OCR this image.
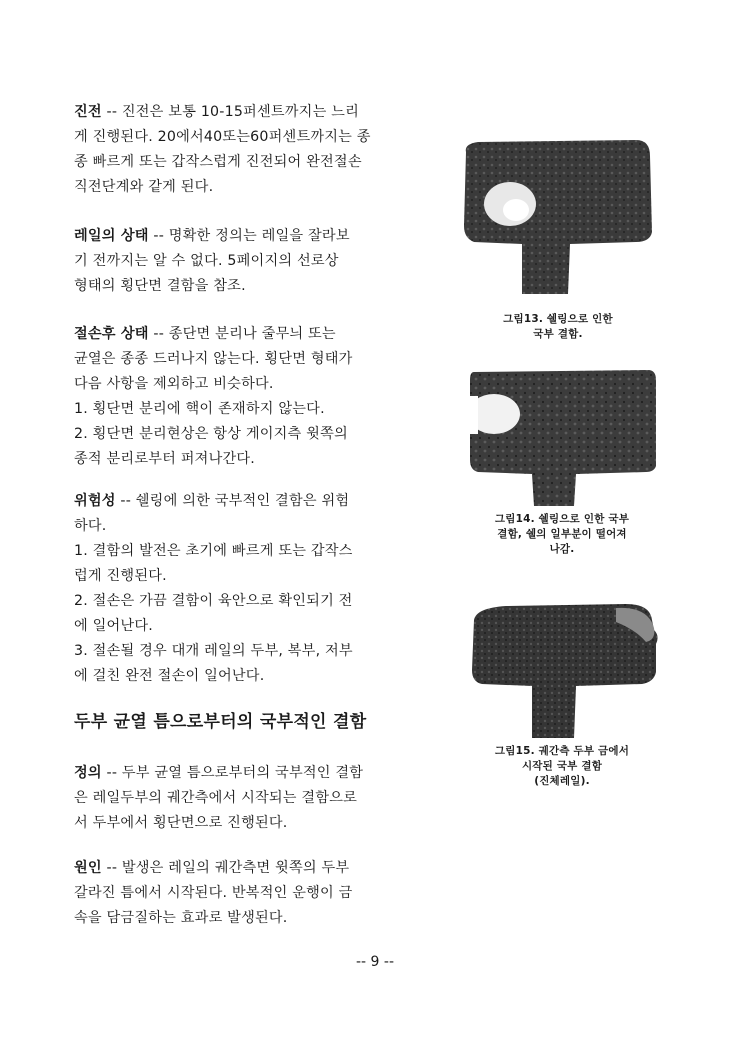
진전 -- 진전은 보통 10-15퍼센트까지는 느리
게 진행된다. 20에서40또는60퍼센트까지는 종
종 빠르게 또는 갑작스럽게 진전되어 완전절손
직전단계와 같게 된다.

레일의 상태 -- 명확한 정의는 레일을 잘라보
기 전까지는 알 수 없다. 5페이지의 선로상
형태의 횡단면 결함을 참조.

절손후 상태 -- 종단면 분리나 줄무늬 또는
균열은 종종 드러나지 않는다. 횡단면 형태가
다음 사항을 제외하고 비슷하다.
1. 횡단면 분리에 핵이 존재하지 않는다.
2. 횡단면 분리현상은 항상 게이지측 윗쪽의
종적 분리로부터 퍼져나간다.

위험성 -- 쉘링에 의한 국부적인 결함은 위험
하다.
1. 결함의 발전은 초기에 빠르게 또는 갑작스
럽게 진행된다.
2. 절손은 가끔 결함이 육안으로 확인되기 전
에 일어난다.
3. 절손될 경우 대개 레일의 두부, 복부, 저부
에 걸친 완전 절손이 일어난다.

두부 균열 틈으로부터의 국부적인 결함

정의 -- 두부 균열 틈으로부터의 국부적인 결함
은 레일두부의 궤간측에서 시작되는 결함으로
서 두부에서 횡단면으로 진행된다.

원인 -- 발생은 레일의 궤간측면 윗쪽의 두부
갈라진 틈에서 시작된다. 반복적인 운행이 금
속을 담금질하는 효과로 발생된다.

그림13. 쉘링으로 인한
국부 결함.
그림14. 쉘링으로 인한 국부
결함, 쉘의 일부분이 떨어져
나감.
그림15. 궤간측 두부 금에서
시작된 국부 결함
(진체레일).

-- 9 --
